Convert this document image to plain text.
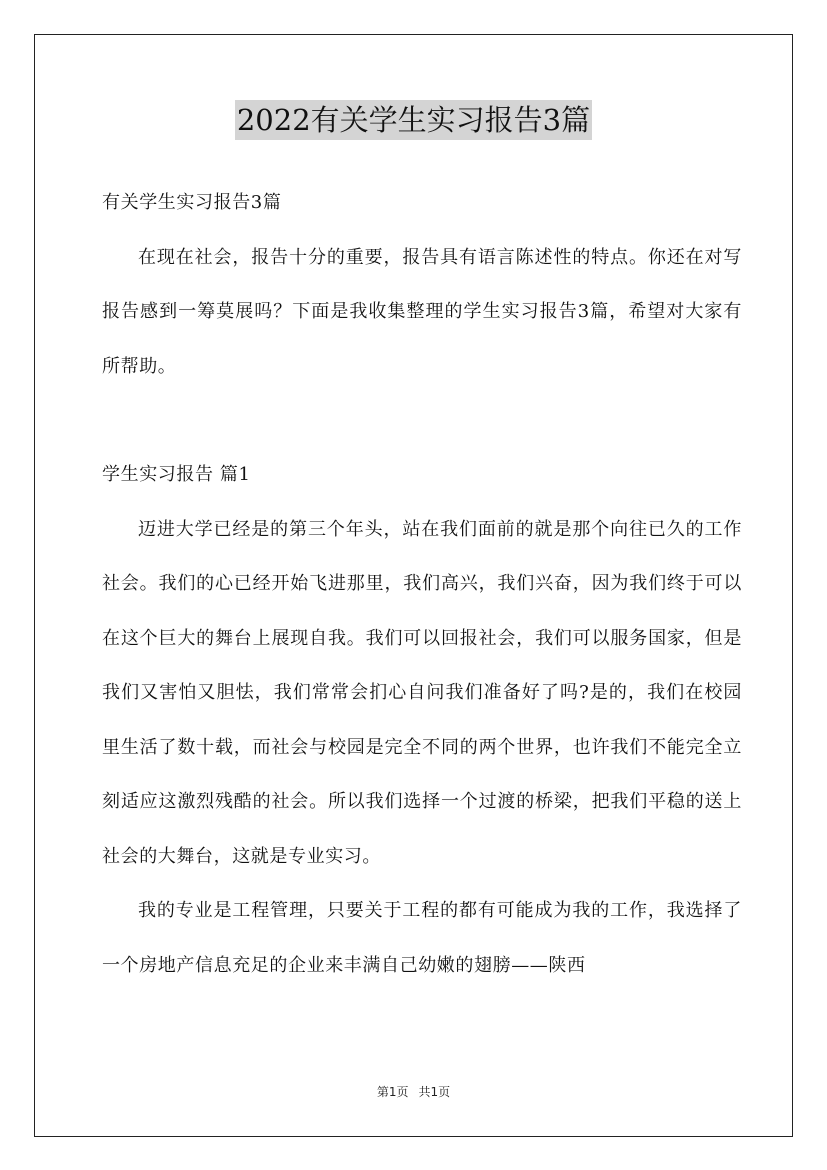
2022有关学生实习报告3篇

有关学生实习报告3篇

在现在社会，报告十分的重要，报告具有语言陈述性的特点。你还在对写报告感到一筹莫展吗？下面是我收集整理的学生实习报告3篇，希望对大家有所帮助。

学生实习报告 篇1

迈进大学已经是的第三个年头，站在我们面前的就是那个向往已久的工作社会。我们的心已经开始飞进那里，我们高兴，我们兴奋，因为我们终于可以在这个巨大的舞台上展现自我。我们可以回报社会，我们可以服务国家，但是我们又害怕又胆怯，我们常常会扪心自问我们准备好了吗?是的，我们在校园里生活了数十载，而社会与校园是完全不同的两个世界，也许我们不能完全立刻适应这激烈残酷的社会。所以我们选择一个过渡的桥梁，把我们平稳的送上社会的大舞台，这就是专业实习。

我的专业是工程管理，只要关于工程的都有可能成为我的工作，我选择了一个房地产信息充足的企业来丰满自己幼嫩的翅膀——陕西

第1页 共1页
